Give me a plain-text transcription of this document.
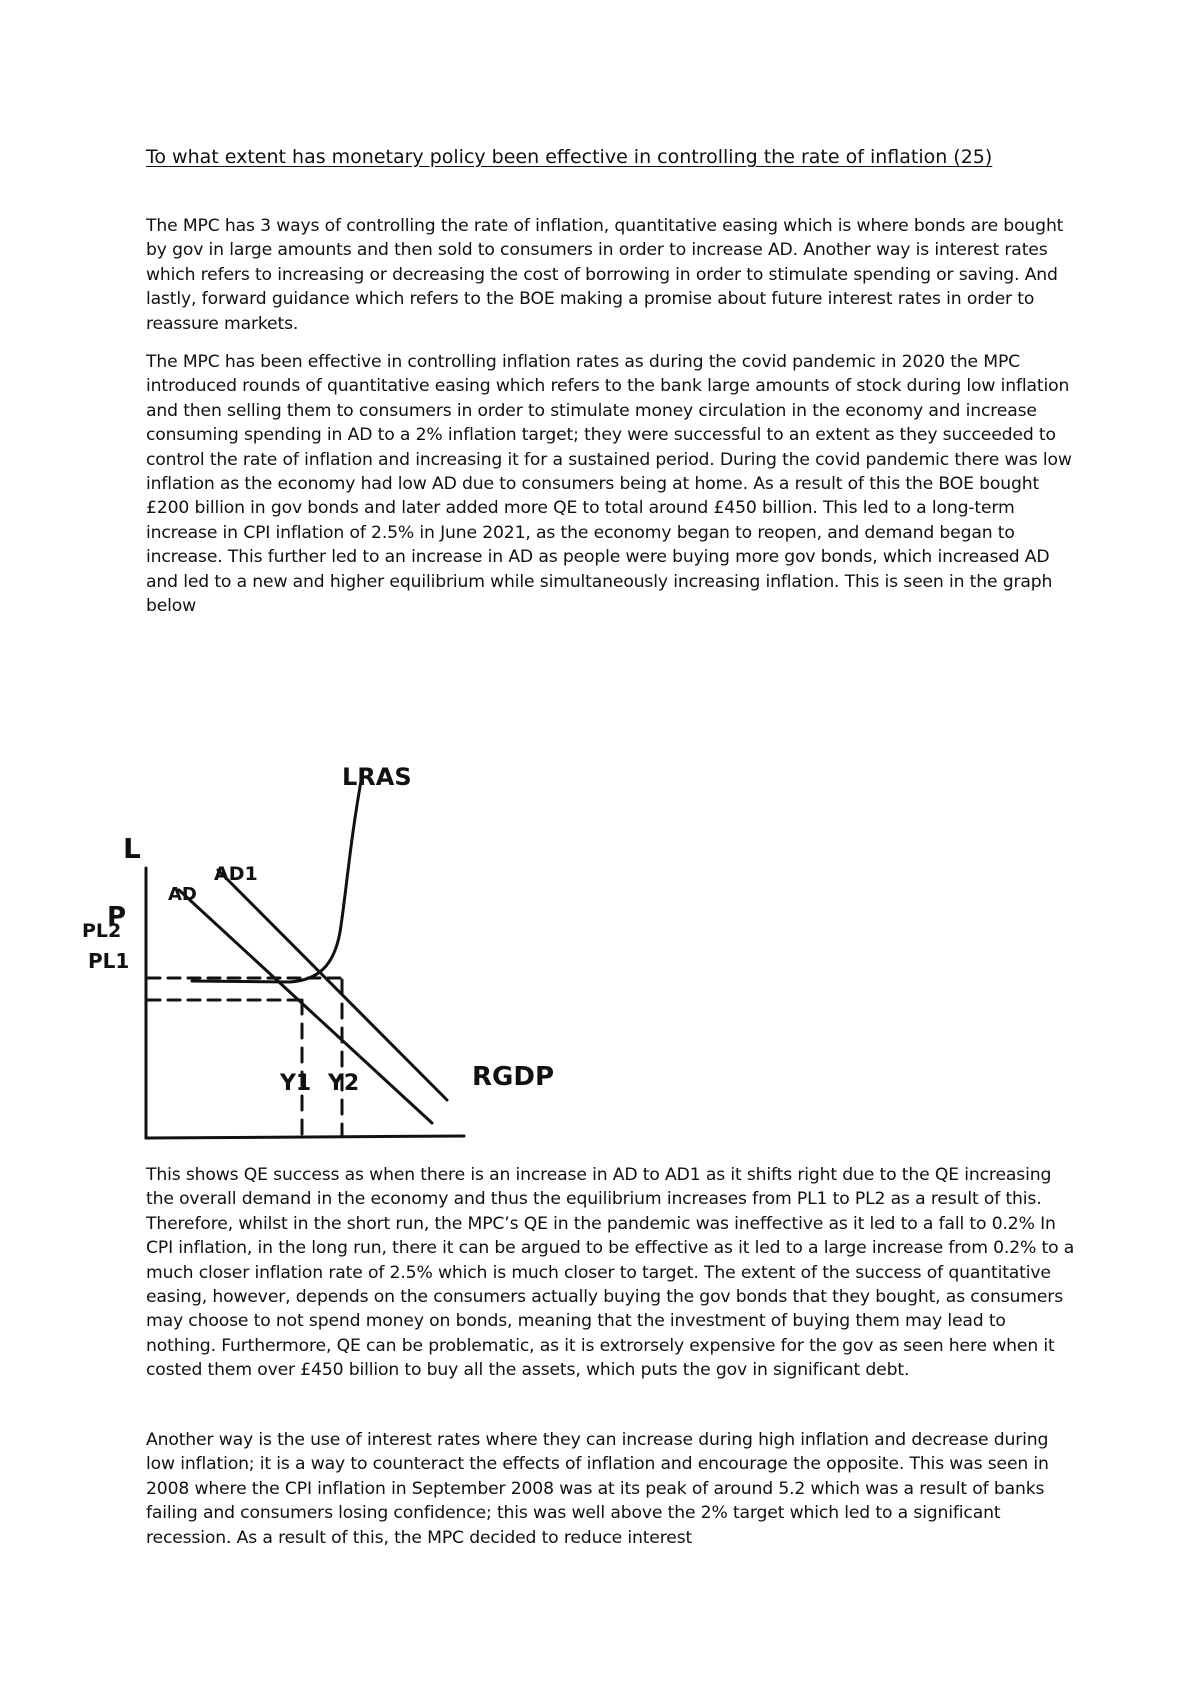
To what extent has monetary policy been effective in controlling the rate of inflation (25)

The MPC has 3 ways of controlling the rate of inflation, quantitative easing which is where bonds are bought by gov in large amounts and then sold to consumers in order to increase AD. Another way is interest rates which refers to increasing or decreasing the cost of borrowing in order to stimulate spending or saving. And lastly, forward guidance which refers to the BOE making a promise about future interest rates in order to reassure markets.

The MPC has been effective in controlling inflation rates as during the covid pandemic in 2020 the MPC introduced rounds of quantitative easing which refers to the bank large amounts of stock during low inflation and then selling them to consumers in order to stimulate money circulation in the economy and increase consuming spending in AD to a 2% inflation target; they were successful to an extent as they succeeded to control the rate of inflation and increasing it for a sustained period. During the covid pandemic there was low inflation as the economy had low AD due to consumers being at home. As a result of this the BOE bought £200 billion in gov bonds and later added more QE to total around £450 billion. This led to a long-term increase in CPI inflation of 2.5% in June 2021, as the economy began to reopen, and demand began to increase. This further led to an increase in AD as people were buying more gov bonds, which increased AD and led to a new and higher equilibrium while simultaneously increasing inflation. This is seen in the graph below

LRAS
L
P
AD
AD1
PL2
PL1
Y1 Y2	RGDP

This shows QE success as when there is an increase in AD to AD1 as it shifts right due to the QE increasing the overall demand in the economy and thus the equilibrium increases from PL1 to PL2 as a result of this. Therefore, whilst in the short run, the MPC’s QE in the pandemic was ineffective as it led to a fall to 0.2% In CPI inflation, in the long run, there it can be argued to be effective as it led to a large increase from 0.2% to a much closer inflation rate of 2.5% which is much closer to target. The extent of the success of quantitative easing, however, depends on the consumers actually buying the gov bonds that they bought, as consumers may choose to not spend money on bonds, meaning that the investment of buying them may lead to nothing. Furthermore, QE can be problematic, as it is extrorsely expensive for the gov as seen here when it costed them over £450 billion to buy all the assets, which puts the gov in significant debt.

Another way is the use of interest rates where they can increase during high inflation and decrease during low inflation; it is a way to counteract the effects of inflation and encourage the opposite. This was seen in 2008 where the CPI inflation in September 2008 was at its peak of around 5.2 which was a result of banks failing and consumers losing confidence; this was well above the 2% target which led to a significant recession. As a result of this, the MPC decided to reduce interest
